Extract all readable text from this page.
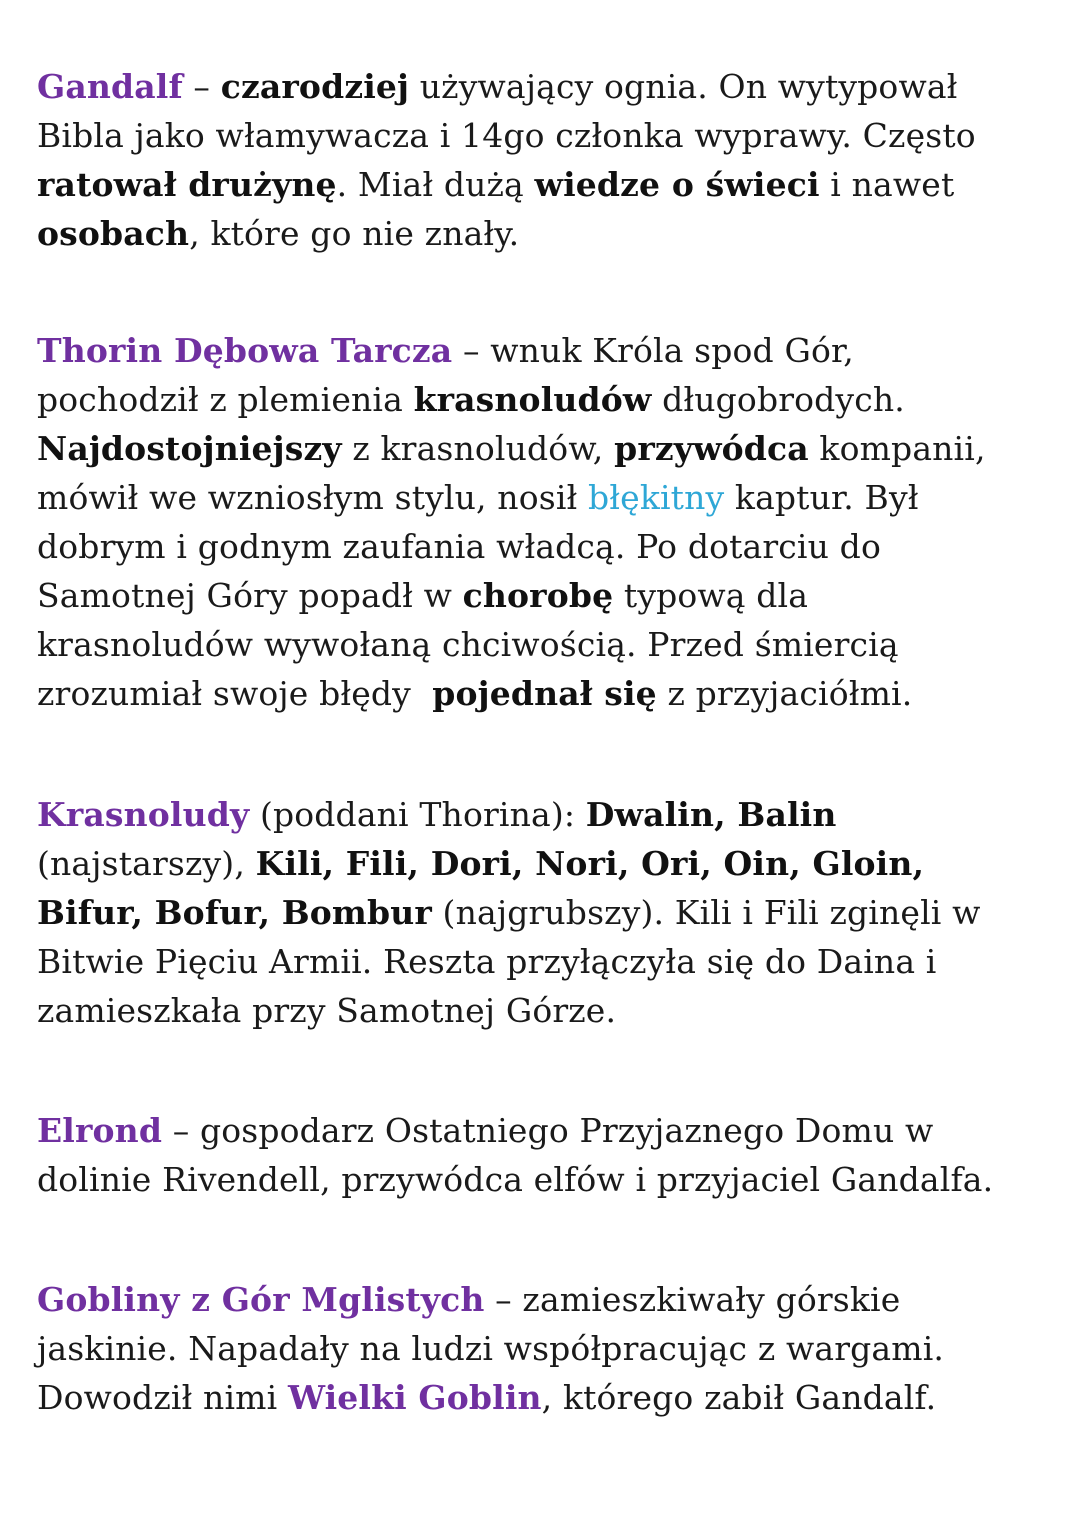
Gandalf – czarodziej używający ognia. On wytypował
Bibla jako włamywacza i 14go członka wyprawy. Często
ratował drużynę. Miał dużą wiedze o świeci i nawet
osobach, które go nie znały.

Thorin Dębowa Tarcza – wnuk Króla spod Gór,
pochodził z plemienia krasnoludów długobrodych.
Najdostojniejszy z krasnoludów, przywódca kompanii,
mówił we wzniosłym stylu, nosił błękitny kaptur. Był
dobrym i godnym zaufania władcą. Po dotarciu do
Samotnej Góry popadł w chorobę typową dla
krasnoludów wywołaną chciwością. Przed śmiercią
zrozumiał swoje błędy  pojednał się z przyjaciółmi.

Krasnoludy (poddani Thorina): Dwalin, Balin
(najstarszy), Kili, Fili, Dori, Nori, Ori, Oin, Gloin,
Bifur, Bofur, Bombur (najgrubszy). Kili i Fili zginęli w
Bitwie Pięciu Armii. Reszta przyłączyła się do Daina i
zamieszkała przy Samotnej Górze.

Elrond – gospodarz Ostatniego Przyjaznego Domu w
dolinie Rivendell, przywódca elfów i przyjaciel Gandalfa.

Gobliny z Gór Mglistych – zamieszkiwały górskie
jaskinie. Napadały na ludzi współpracując z wargami.
Dowodził nimi Wielki Goblin, którego zabił Gandalf.
